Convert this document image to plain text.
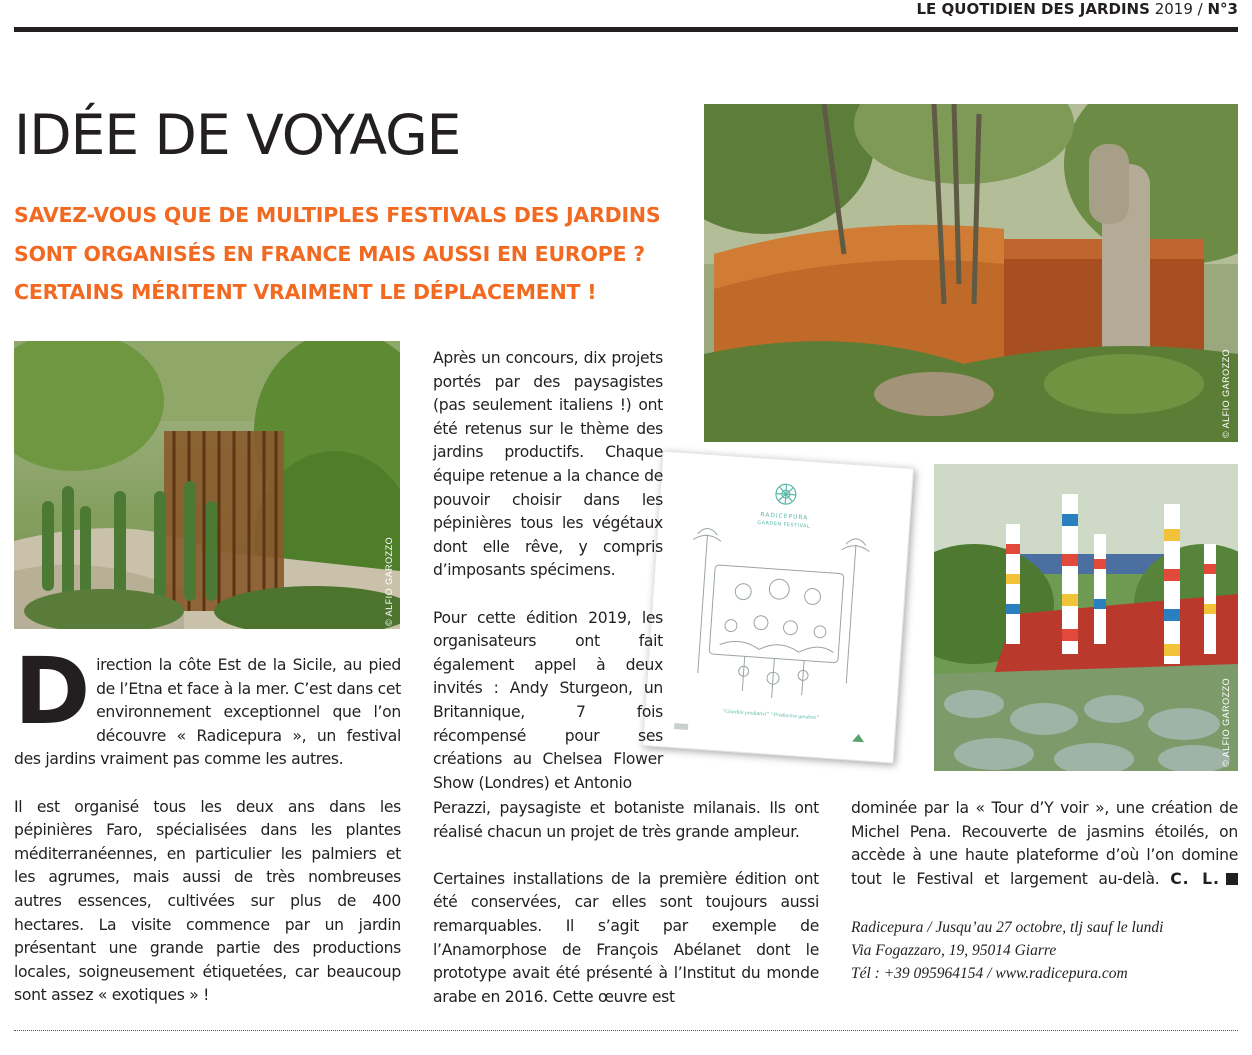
LE QUOTIDIEN DES JARDINS 2019 / N°3
IDÉE DE VOYAGE
SAVEZ-VOUS QUE DE MULTIPLES FESTIVALS DES JARDINS
SONT ORGANISÉS EN FRANCE MAIS AUSSI EN EUROPE ?
CERTAINS MÉRITENT VRAIMENT LE DÉPLACEMENT !
© ALFIO GAROZZO
© ALFIO GAROZZO
© ALFIO GAROZZO
RADICEPURA
GARDEN FESTIVAL
“Giardini produttivi” “Productive gardens”

Direction la côte Est de la Sicile, au pied de l’Etna et face à la mer. C’est dans cet environnement exceptionnel que l’on découvre « Radicepura », un festival des jardins vraiment pas comme les autres.

Il est organisé tous les deux ans dans les pépinières Faro, spécialisées dans les plantes méditerranéennes, en particulier les palmiers et les agrumes, mais aussi de très nombreuses autres essences, cultivées sur plus de 400 hectares. La visite commence par un jardin présentant une grande partie des productions locales, soigneusement étiquetées, car beaucoup sont assez « exotiques » !

Après un concours, dix projets portés par des paysagistes (pas seulement italiens !) ont été retenus sur le thème des jardins productifs. Chaque équipe retenue a la chance de pouvoir choisir dans les pépinières tous les végétaux dont elle rêve, y compris d’imposants spécimens.

Pour cette édition 2019, les organisateurs ont fait également appel à deux invités : Andy Sturgeon, un Britannique, 7 fois récompensé pour ses créations au Chelsea Flower Show (Londres) et Antonio

Perazzi, paysagiste et botaniste milanais. Ils ont réalisé chacun un projet de très grande ampleur.

Certaines installations de la première édition ont été conservées, car elles sont toujours aussi remarquables. Il s’agit par exemple de l’Anamorphose de François Abélanet dont le prototype avait été présenté à l’Institut du monde arabe en 2016. Cette œuvre est

dominée par la « Tour d’Y voir », une création de Michel Pena. Recouverte de jasmins étoilés, on accède à une haute plateforme d’où l’on domine tout le Festival et largement au-delà. C. L.

Radicepura / Jusqu’au 27 octobre, tlj sauf le lundi
Via Fogazzaro, 19, 95014 Giarre
Tél : +39 095964154 / www.radicepura.com
